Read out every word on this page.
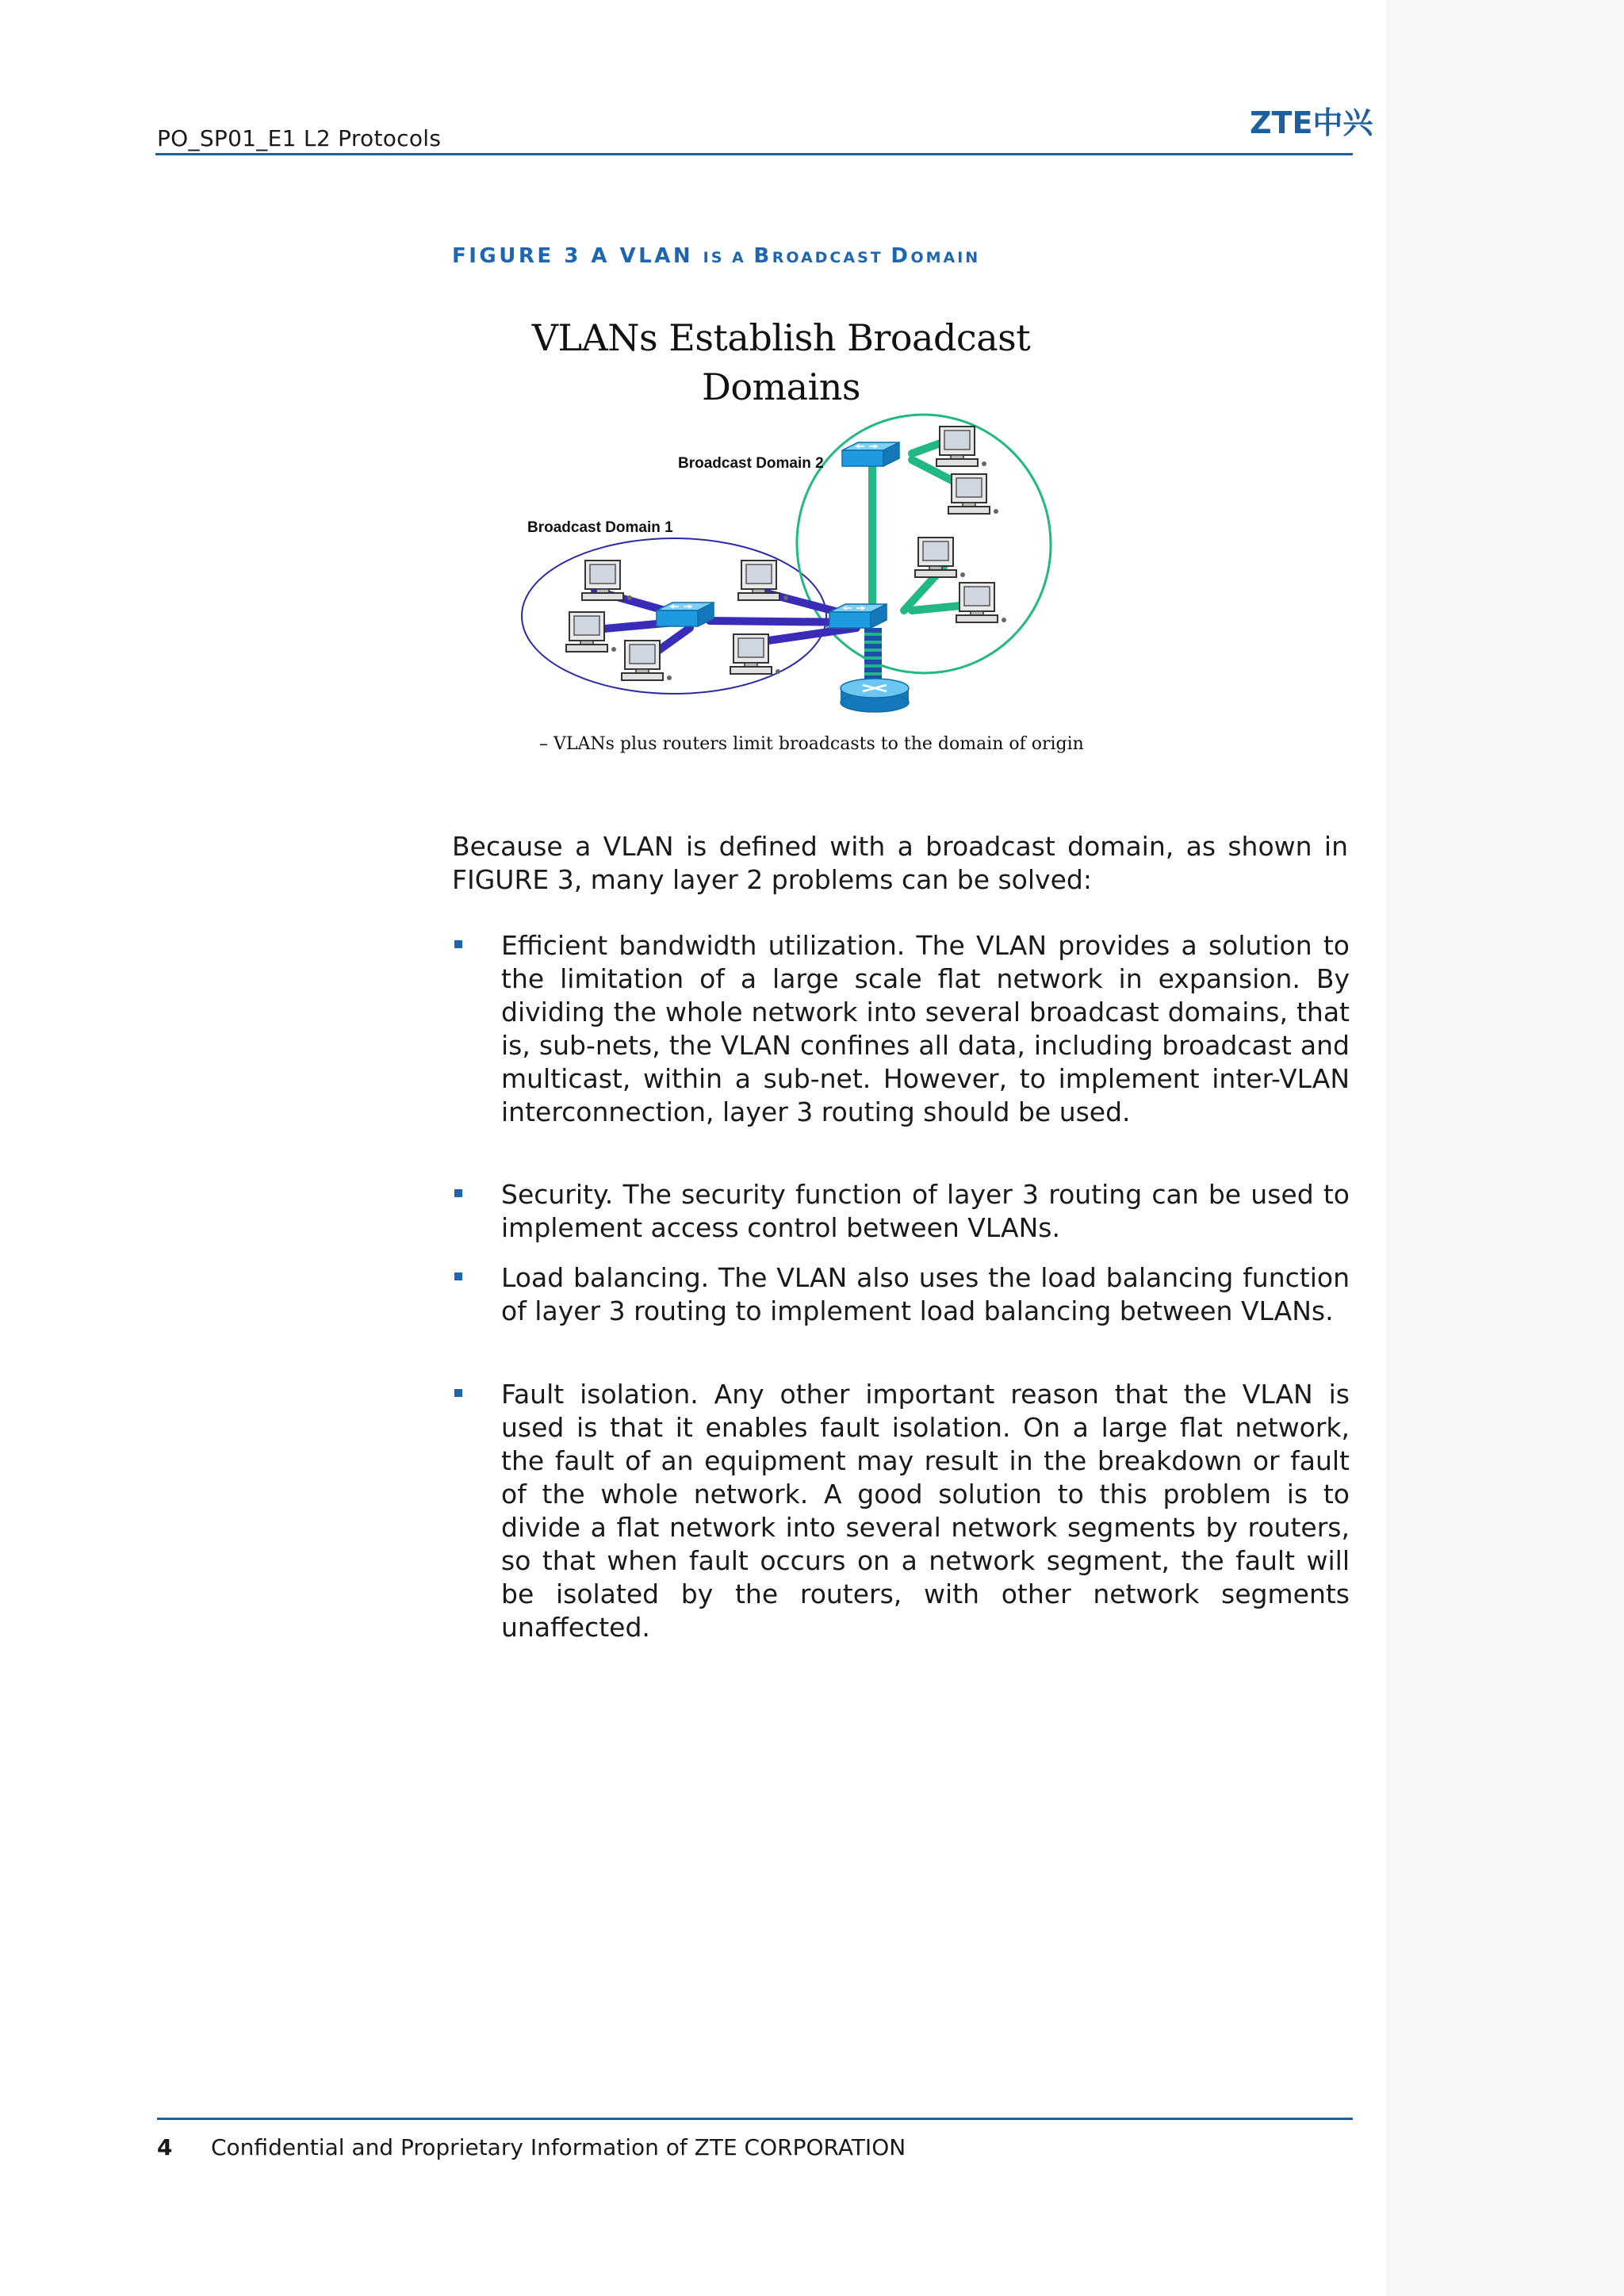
PO_SP01_E1 L2 Protocols	ZTE中兴
FIGURE 3 A VLAN IS A BROADCAST DOMAIN
VLANs Establish Broadcast Domains
Broadcast Domain 2
Broadcast Domain 1
– VLANs plus routers limit broadcasts to the domain of origin
Because a VLAN is defined with a broadcast domain, as shown in FIGURE 3, many layer 2 problems can be solved:
Efficient bandwidth utilization. The VLAN provides a solution to the limitation of a large scale flat network in expansion. By dividing the whole network into several broadcast domains, that is, sub-nets, the VLAN confines all data, including broadcast and multicast, within a sub-net. However, to implement inter-VLAN interconnection, layer 3 routing should be used.
Security. The security function of layer 3 routing can be used to implement access control between VLANs.
Load balancing. The VLAN also uses the load balancing function of layer 3 routing to implement load balancing between VLANs.
Fault isolation. Any other important reason that the VLAN is used is that it enables fault isolation. On a large flat network, the fault of an equipment may result in the breakdown or fault of the whole network. A good solution to this problem is to divide a flat network into several network segments by routers, so that when fault occurs on a network segment, the fault will be isolated by the routers, with other network segments unaffected.
4 Confidential and Proprietary Information of ZTE CORPORATION
